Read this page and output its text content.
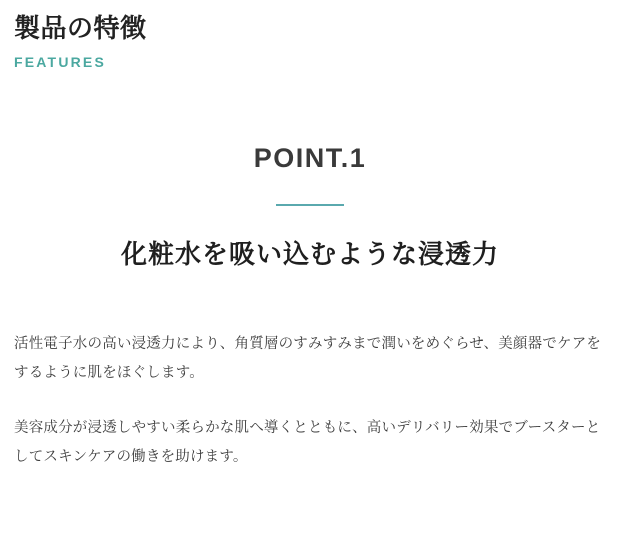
製品の特徴
FEATURES
POINT.1
化粧水を吸い込むような浸透力

活性電子水の高い浸透力により、角質層のすみすみまで潤いをめぐらせ、美顔器でケアをするように肌をほぐします。

美容成分が浸透しやすい柔らかな肌へ導くとともに、高いデリバリー効果でブースターとしてスキンケアの働きを助けます。
